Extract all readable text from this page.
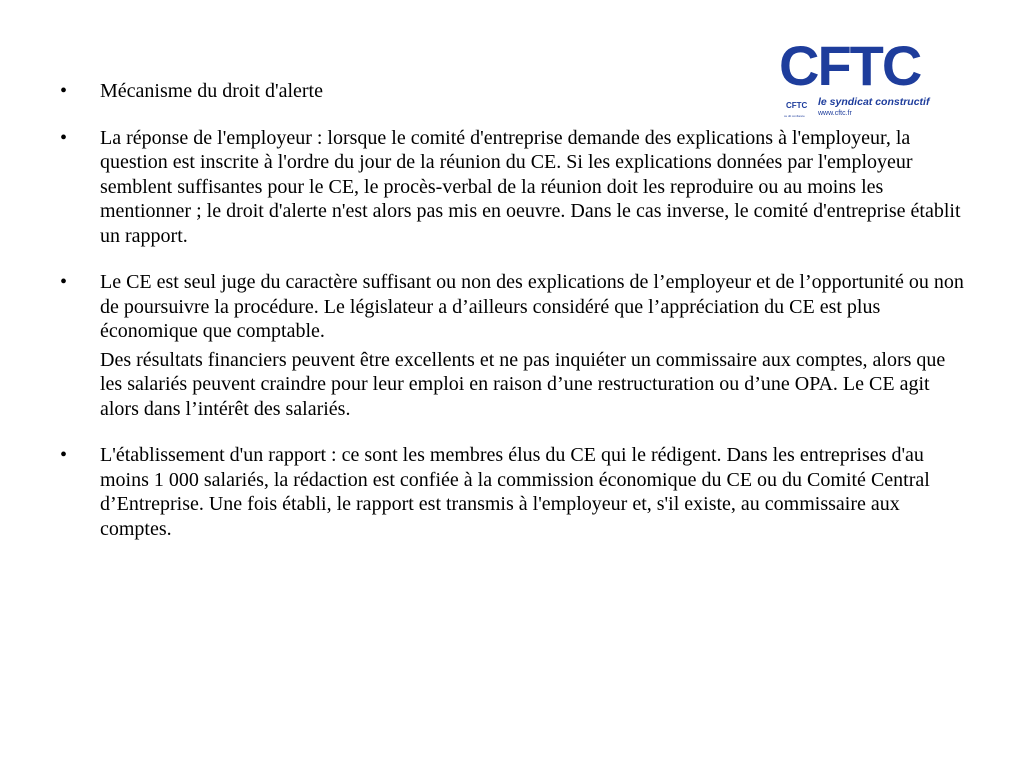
CFTC
CFTC
ce dit confiance
le syndicat constructif
www.cftc.fr
•	Mécanisme du droit d'alerte

•	La réponse de l'employeur : lorsque le comité d'entreprise demande des explications à l'employeur, la question est inscrite à l'ordre du jour de la réunion du CE. Si les explications données par l'employeur semblent suffisantes pour le CE, le procès-verbal de la réunion doit les reproduire ou au moins les mentionner ; le droit d'alerte n'est alors pas mis en oeuvre. Dans le cas inverse, le comité d'entreprise établit un rapport.

•	Le CE est seul juge du caractère suffisant ou non des explications de l’employeur et de l’opportunité ou non de poursuivre la procédure. Le législateur a d’ailleurs considéré que l’appréciation du CE est plus économique que comptable.

Des résultats financiers peuvent être excellents et ne pas inquiéter un commissaire aux comptes, alors que les salariés peuvent craindre pour leur emploi en raison d’une restructuration ou d’une OPA. Le CE agit alors dans l’intérêt des salariés.

•	L'établissement d'un rapport : ce sont les membres élus du CE qui le rédigent. Dans les entreprises d'au moins 1 000 salariés, la rédaction est confiée à la commission économique du CE ou du Comité Central d’Entreprise. Une fois établi, le rapport est transmis à l'employeur et, s'il existe, au commissaire aux comptes.
